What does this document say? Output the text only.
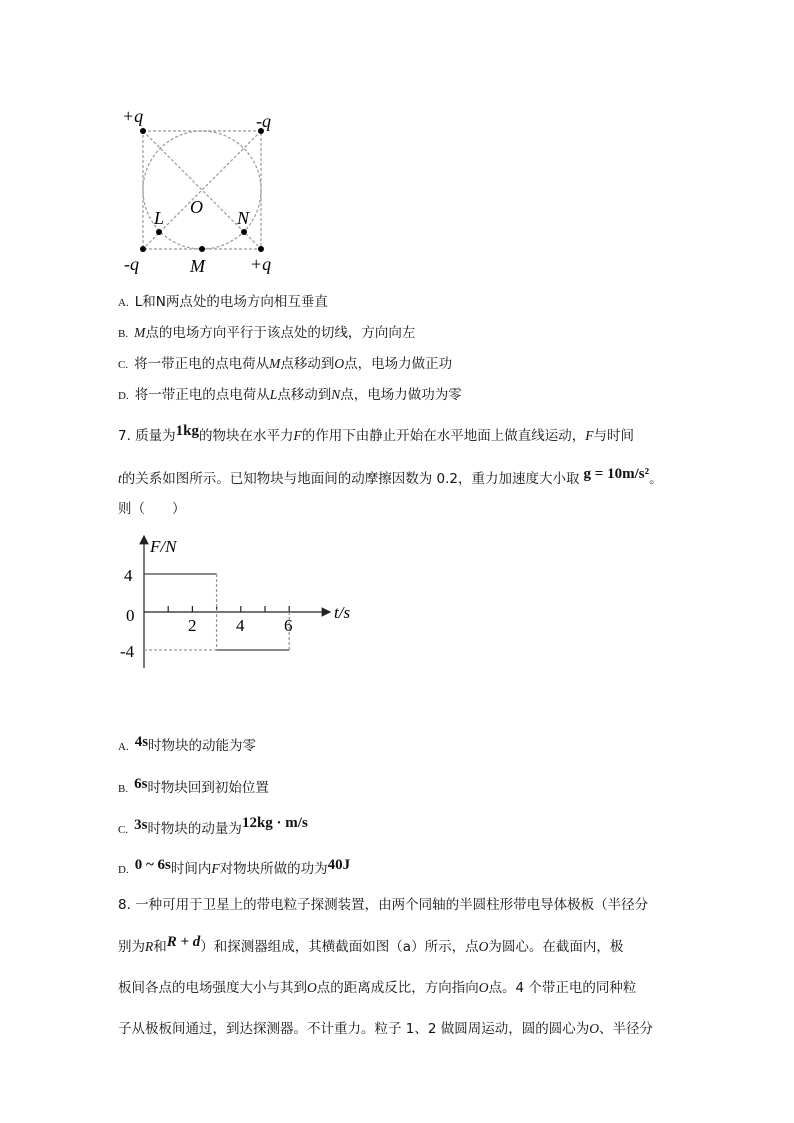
+q	-q
-q	+q
O
L	N
M
A. L和N两点处的电场方向相互垂直
B. M点的电场方向平行于该点处的切线，方向向左
C. 将一带正电的点电荷从M点移动到O点，电场力做正功
D. 将一带正电的点电荷从L点移动到N点，电场力做功为零
7. 质量为1kg的物块在水平力F的作用下由静止开始在水平地面上做直线运动，F与时间
t的关系如图所示。已知物块与地面间的动摩擦因数为 0.2，重力加速度大小取 g = 10m/s²。
则（　　）
F/N
t/s
4
0
-4
2 4 6
A. 4s时物块的动能为零
B. 6s时物块回到初始位置
C. 3s时物块的动量为12kg · m/s
D. 0 ~ 6s时间内F对物块所做的功为40J
8. 一种可用于卫星上的带电粒子探测装置，由两个同轴的半圆柱形带电导体极板（半径分
别为R和R + d）和探测器组成，其横截面如图（a）所示，点O为圆心。在截面内，极
板间各点的电场强度大小与其到O点的距离成反比，方向指向O点。4 个带正电的同种粒
子从极板间通过，到达探测器。不计重力。粒子 1、2 做圆周运动，圆的圆心为O、半径分
